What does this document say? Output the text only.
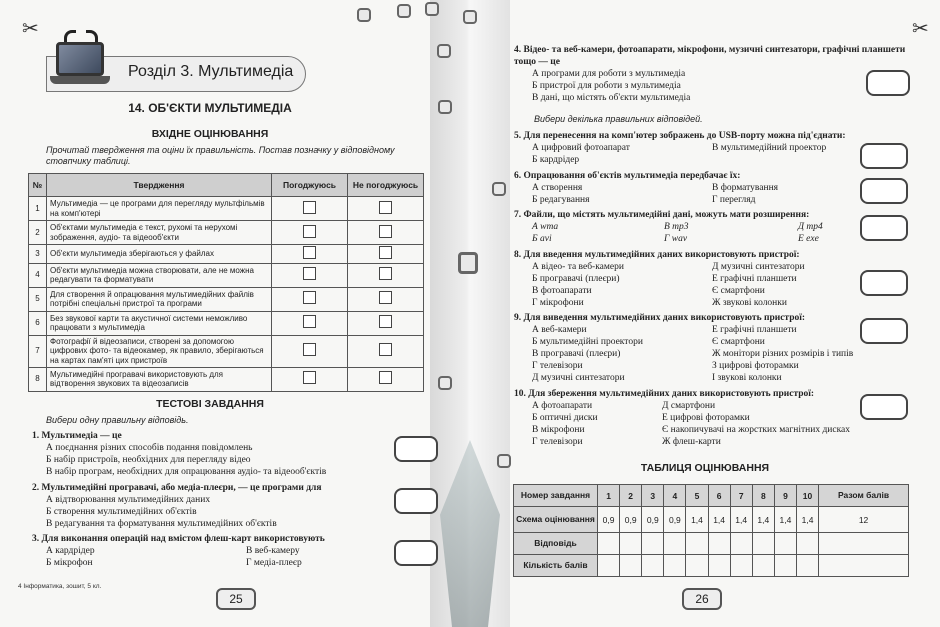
✂	✂
Розділ 3. Мультимедіа
14. ОБ'ЄКТИ МУЛЬТИМЕДІА
ВХІДНЕ ОЦІНЮВАННЯ
Прочитай твердження та оціни їх правильність. Постав позначку у відповідному стовпчику таблиці.
№	Твердження	Погоджуюсь	Не погоджуюсь
1	Мультимедіа — це програми для перегляду мультфільмів на комп'ютері		
2	Об'єктами мультимедіа є текст, рухомі та нерухомі зображення, аудіо- та відеооб'єкти		
3	Об'єкти мультимедіа зберігаються у файлах		
4	Об'єкти мультимедіа можна створювати, але не можна редагувати та форматувати		
5	Для створення й опрацювання мультимедійних файлів потрібні спеціальні пристрої та програми		
6	Без звукової карти та акустичної системи неможливо працювати з мультимедіа		
7	Фотографії й відеозаписи, створені за допомогою цифрових фото- та відеокамер, як правило, зберігаються на картах пам'яті цих пристроїв		
8	Мультимедійні програвачі використовують для відтворення звукових та відеозаписів		
ТЕСТОВІ ЗАВДАННЯ
Вибери одну правильну відповідь.
1. Мультимедіа — це
А поєднання різних способів подання повідомлень
Б набір пристроїв, необхідних для перегляду відео
В набір програм, необхідних для опрацювання аудіо- та відеооб'єктів
2. Мультимедійні програвачі, або медіа-плеєри, — це програми для
А відтворювання мультимедійних даних
Б створення мультимедійних об'єктів
В редагування та форматування мультимедійних об'єктів
3. Для виконання операцій над вмістом флеш-карт використовують
А кардрідер
Б мікрофон
В веб-камеру
Г медіа-плеєр
4 Інформатика, зошит, 5 кл.
25
4. Відео- та веб-камери, фотоапарати, мікрофони, музичні синтезатори, графічні планшети тощо — це
А програми для роботи з мультимедіа
Б пристрої для роботи з мультимедіа
В дані, що містять об'єкти мультимедіа
Вибери декілька правильних відповідей.
5. Для перенесення на комп'ютер зображень до USB-порту можна під'єднати:
А цифровий фотоапарат
Б кардрідер
В мультимедійний проектор
6. Опрацювання об'єктів мультимедіа передбачає їх:
А створення
Б редагування
В форматування
Г перегляд
7. Файли, що містять мультимедійні дані, можуть мати розширення:
А wma
Б avi
В mp3
Г wav
Д mp4
Е exe
8. Для введення мультимедійних даних використовують пристрої:
А відео- та веб-камери
Б програвачі (плеєри)
В фотоапарати
Г мікрофони
Д музичні синтезатори
Е графічні планшети
Є смартфони
Ж звукові колонки
9. Для виведення мультимедійних даних використовують пристрої:
А веб-камери
Б мультимедійні проектори
В програвачі (плеєри)
Г телевізори
Д музичні синтезатори
Е графічні планшети
Є смартфони
Ж монітори різних розмірів і типів
З цифрові фоторамки
І звукові колонки
10. Для збереження мультимедійних даних використовують пристрої:
А фотоапарати
Б оптичні диски
В мікрофони
Г телевізори
Д смартфони
Е цифрові фоторамки
Є накопичувачі на жорстких магнітних дисках
Ж флеш-карти
ТАБЛИЦЯ ОЦІНЮВАННЯ
Номер завдання	1	2	3	4	5	6	7	8	9	10	Разом балів
Схема оцінювання	0,9	0,9	0,9	0,9	1,4	1,4	1,4	1,4	1,4	1,4	12
Відповідь											
Кількість балів											
26
